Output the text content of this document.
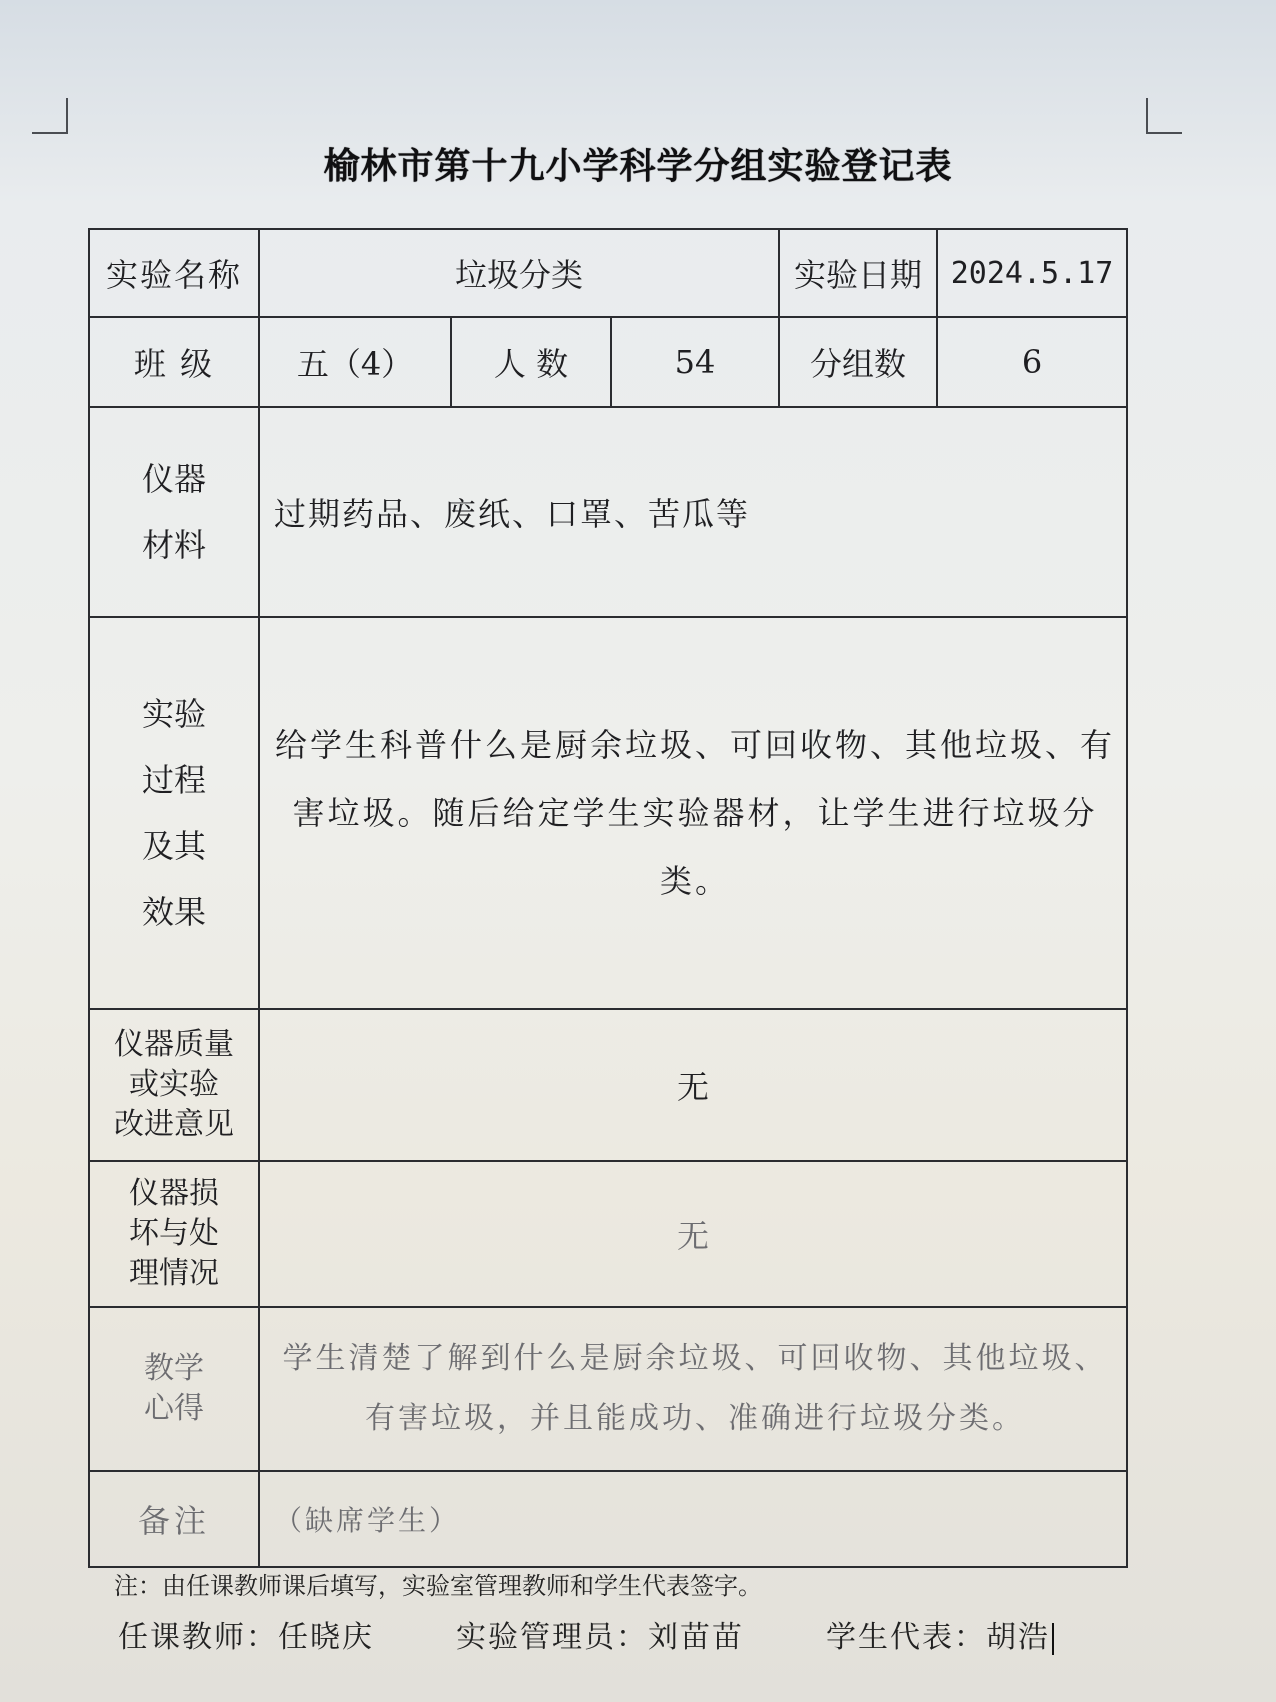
榆林市第十九小学科学分组实验登记表
实验名称	垃圾分类			实验日期	2024.5.17
班 级	五（4）	人 数	54	分组数	6

仪器
材料	过期药品、废纸、口罩、苦瓜等				

实验
过程
及其
效果	给学生科普什么是厨余垃圾、可回收物、其他垃圾、有害垃圾。随后给定学生实验器材，让学生进行垃圾分类。				

仪器质量
或实验
改进意见	无				

仪器损
坏与处
理情况	无				

教学
心得	学生清楚了解到什么是厨余垃圾、可回收物、其他垃圾、有害垃圾，并且能成功、准确进行垃圾分类。				
备注	（缺席学生）				
注：由任课教师课后填写，实验室管理教师和学生代表签字。
任课教师：任晓庆	实验管理员：刘苗苗	学生代表：胡浩
